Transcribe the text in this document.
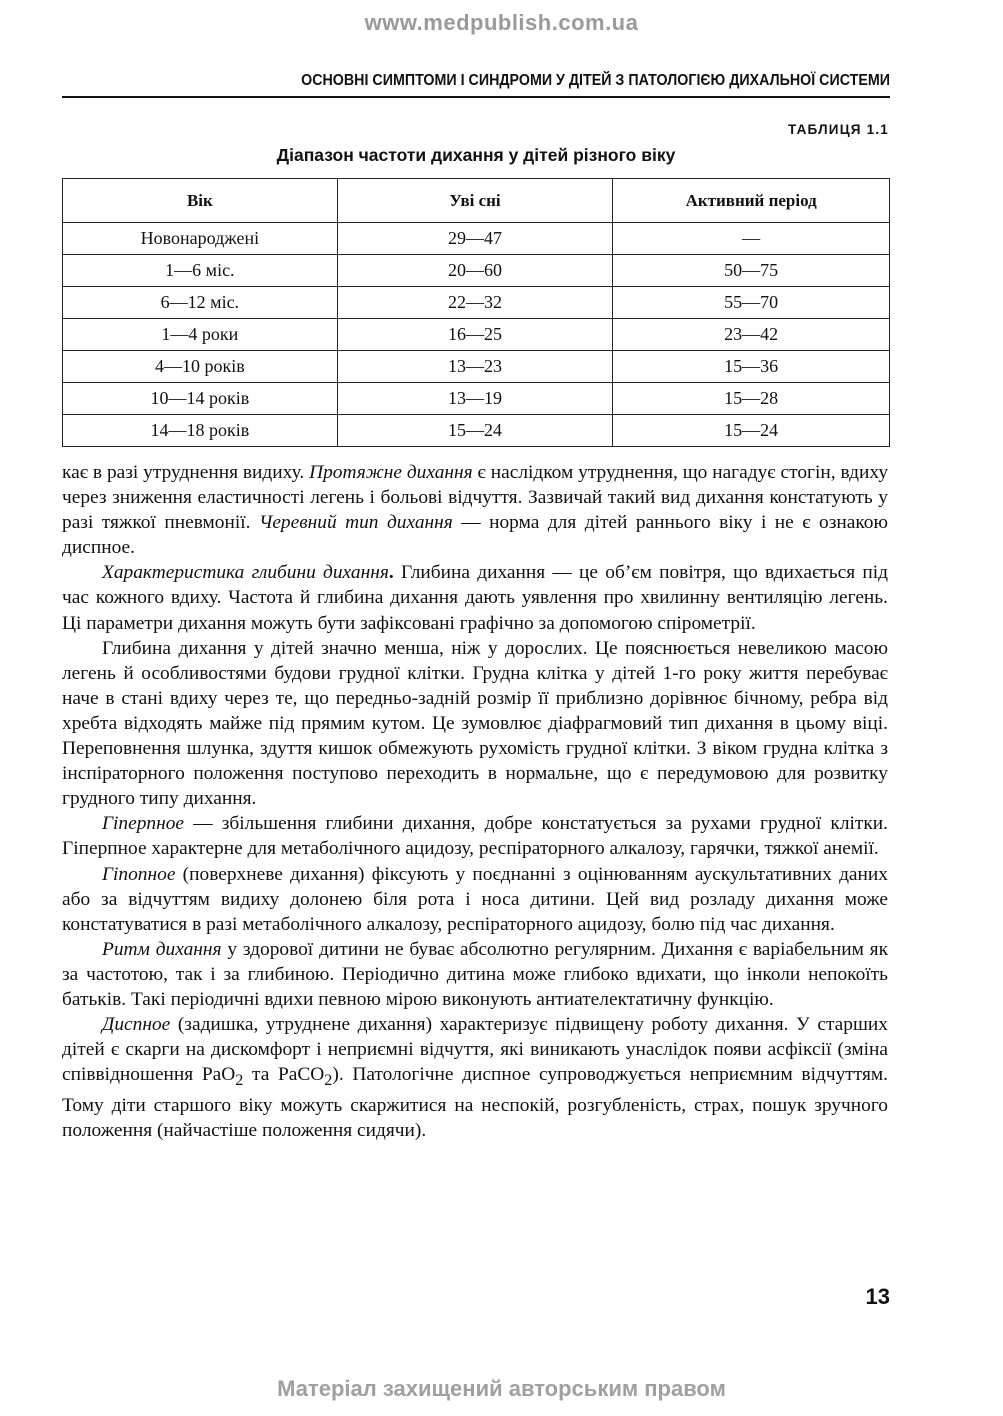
www.medpublish.com.ua
ОСНОВНІ СИМПТОМИ І СИНДРОМИ У ДІТЕЙ З ПАТОЛОГІЄЮ ДИХАЛЬНОЇ СИСТЕМИ
ТАБЛИЦЯ 1.1
Діапазон частоти дихання у дітей різного віку
Вік	Уві сні	Активний період
Новонароджені	29—47	—
1—6 міс.	20—60	50—75
6—12 міс.	22—32	55—70
1—4 роки	16—25	23—42
4—10 років	13—23	15—36
10—14 років	13—19	15—28
14—18 років	15—24	15—24

кає в разі утруднення видиху. Протяжне дихання є наслідком утруднення, що нагадує стогін, вдиху через зниження еластичності легень і больові відчуття. Зазвичай такий вид дихання констатують у разі тяжкої пневмонії. Черевний тип дихання — норма для дітей раннього віку і не є ознакою диспное.

Характеристика глибини дихання. Глибина дихання — це об’єм повітря, що вдихається під час кожного вдиху. Частота й глибина дихання дають уявлення про хвилинну вентиляцію легень. Ці параметри дихання можуть бути зафіксовані графічно за допомогою спірометрії.

Глибина дихання у дітей значно менша, ніж у дорослих. Це пояснюється невеликою масою легень й особливостями будови грудної клітки. Грудна клітка у дітей 1-го року життя перебуває наче в стані вдиху через те, що передньо-задній розмір її приблизно дорівнює бічному, ребра від хребта відходять майже під прямим кутом. Це зумовлює діафрагмовий тип дихання в цьому віці. Переповнення шлунка, здуття кишок обмежують рухомість грудної клітки. З віком грудна клітка з інспіраторного положення поступово переходить в нормальне, що є передумовою для розвитку грудного типу дихання.

Гіперпное — збільшення глибини дихання, добре констатується за рухами грудної клітки. Гіперпное характерне для метаболічного ацидозу, респіраторного алкалозу, гарячки, тяжкої анемії.

Гіпопное (поверхневе дихання) фіксують у поєднанні з оцінюванням аускультативних даних або за відчуттям видиху долонею біля рота і носа дитини. Цей вид розладу дихання може констатуватися в разі метаболічного алкалозу, респіраторного ацидозу, болю під час дихання.

Ритм дихання у здорової дитини не буває абсолютно регулярним. Дихання є варіабельним як за частотою, так і за глибиною. Періодично дитина може глибоко вдихати, що інколи непокоїть батьків. Такі періодичні вдихи певною мірою виконують антиателектатичну функцію.

Диспное (задишка, утруднене дихання) характеризує підвищену роботу дихання. У старших дітей є скарги на дискомфорт і неприємні відчуття, які виникають унаслідок появи асфіксії (зміна співвідношення РаО$_2$ та РаСО$_2$). Патологічне диспное супроводжується неприємним відчуттям. Тому діти старшого віку можуть скаржитися на неспокій, розгубленість, страх, пошук зручного положення (найчастіше положення сидячи).

13
Матеріал захищений авторським правом
